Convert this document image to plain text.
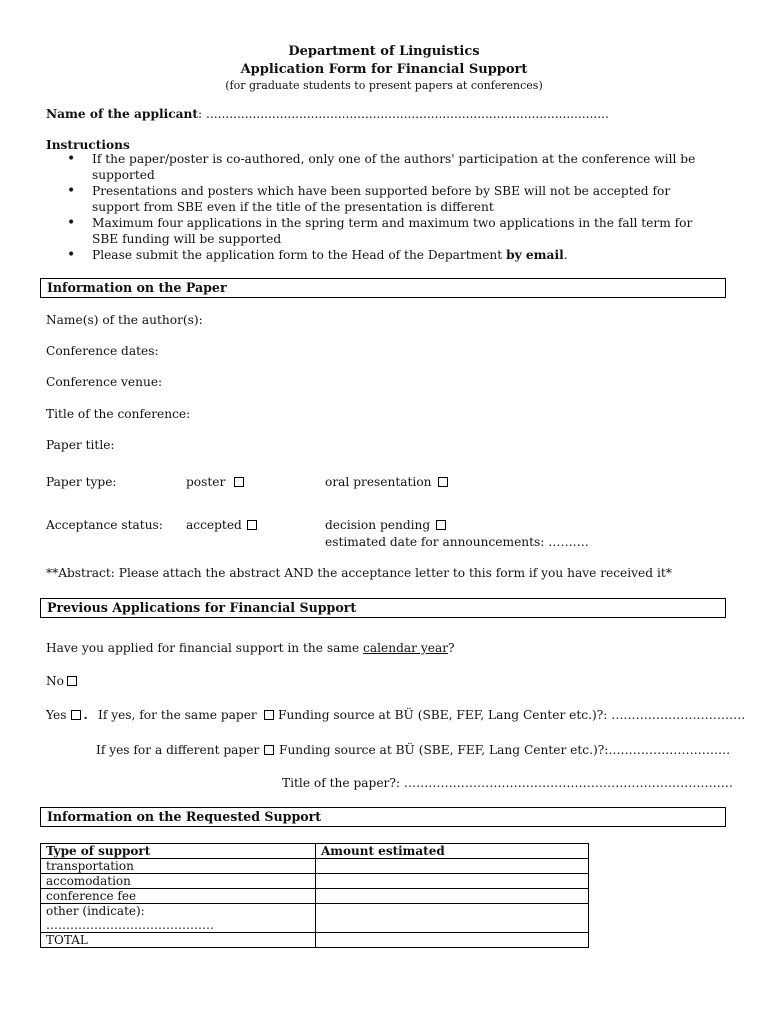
Department of Linguistics
Application Form for Financial Support
(for graduate students to present papers at conferences)
Name of the applicant: ........................................................................................................
Instructions
• If the paper/poster is co-authored, only one of the authors' participation at the conference will be supported
• Presentations and posters which have been supported before by SBE will not be accepted for support from SBE even if the title of the presentation is different
• Maximum four applications in the spring term and maximum two applications in the fall term for SBE funding will be supported
• Please submit the application form to the Head of the Department by email.
Information on the Paper
Name(s) of the author(s):
Conference dates:
Conference venue:
Title of the conference:
Paper title:
Paper type:	poster	oral presentation
Acceptance status: accepted	decision pending
estimated date for announcements: ……….
**Abstract: Please attach the abstract AND the acceptance letter to this form if you have received it*
Previous Applications for Financial Support
Have you applied for financial support in the same calendar year?
No
Yes . If yes, for the same paper	Funding source at BÜ (SBE, FEF, Lang Center etc.)?: ……………………………
If yes for a different paper	Funding source at BÜ (SBE, FEF, Lang Center etc.)?:…………………………
Title of the paper?: ………………………………………………………………………
Information on the Requested Support
Type of support	Amount estimated
transportation	
accomodation	
conference fee	
other (indicate): ……………………………………	
TOTAL	
